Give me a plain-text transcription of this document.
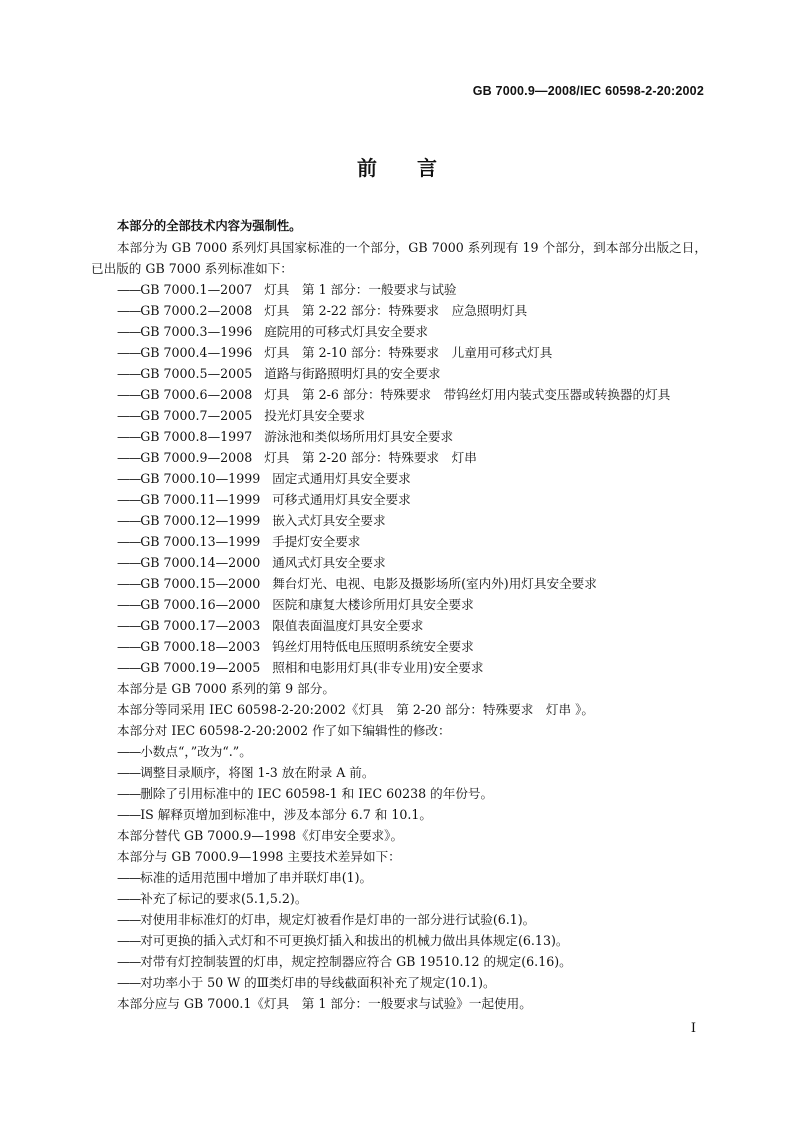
GB 7000.9—2008/IEC 60598-2-20:2002
前言
本部分的全部技术内容为强制性。
本部分为 GB 7000 系列灯具国家标准的一个部分，GB 7000 系列现有 19 个部分，到本部分出版之日，已出版的 GB 7000 系列标准如下：
——GB 7000.1—2007 灯具　第 1 部分：一般要求与试验
——GB 7000.2—2008 灯具　第 2-22 部分：特殊要求　应急照明灯具
——GB 7000.3—1996 庭院用的可移式灯具安全要求
——GB 7000.4—1996 灯具　第 2-10 部分：特殊要求　儿童用可移式灯具
——GB 7000.5—2005 道路与街路照明灯具的安全要求
——GB 7000.6—2008 灯具　第 2-6 部分：特殊要求　带钨丝灯用内装式变压器或转换器的灯具
——GB 7000.7—2005 投光灯具安全要求
——GB 7000.8—1997 游泳池和类似场所用灯具安全要求
——GB 7000.9—2008 灯具　第 2-20 部分：特殊要求　灯串
——GB 7000.10—1999 固定式通用灯具安全要求
——GB 7000.11—1999 可移式通用灯具安全要求
——GB 7000.12—1999 嵌入式灯具安全要求
——GB 7000.13—1999 手提灯安全要求
——GB 7000.14—2000 通风式灯具安全要求
——GB 7000.15—2000 舞台灯光、电视、电影及摄影场所(室内外)用灯具安全要求
——GB 7000.16—2000 医院和康复大楼诊所用灯具安全要求
——GB 7000.17—2003 限值表面温度灯具安全要求
——GB 7000.18—2003 钨丝灯用特低电压照明系统安全要求
——GB 7000.19—2005 照相和电影用灯具(非专业用)安全要求
本部分是 GB 7000 系列的第 9 部分。
本部分等同采用 IEC 60598-2-20:2002《灯具　第 2-20 部分：特殊要求　灯串 》。
本部分对 IEC 60598-2-20:2002 作了如下编辑性的修改：
——小数点“，”改为“.”。
——调整目录顺序，将图 1-3 放在附录 A 前。
——删除了引用标准中的 IEC 60598-1 和 IEC 60238 的年份号。
——IS 解释页增加到标准中，涉及本部分 6.7 和 10.1。
本部分替代 GB 7000.9—1998《灯串安全要求》。
本部分与 GB 7000.9—1998 主要技术差异如下：
——标准的适用范围中增加了串并联灯串(1)。
——补充了标记的要求(5.1,5.2)。
——对使用非标准灯的灯串，规定灯被看作是灯串的一部分进行试验(6.1)。
——对可更换的插入式灯和不可更换灯插入和拔出的机械力做出具体规定(6.13)。
——对带有灯控制装置的灯串，规定控制器应符合 GB 19510.12 的规定(6.16)。
——对功率小于 50 W 的Ⅲ类灯串的导线截面积补充了规定(10.1)。
本部分应与 GB 7000.1《灯具　第 1 部分：一般要求与试验》一起使用。
I
